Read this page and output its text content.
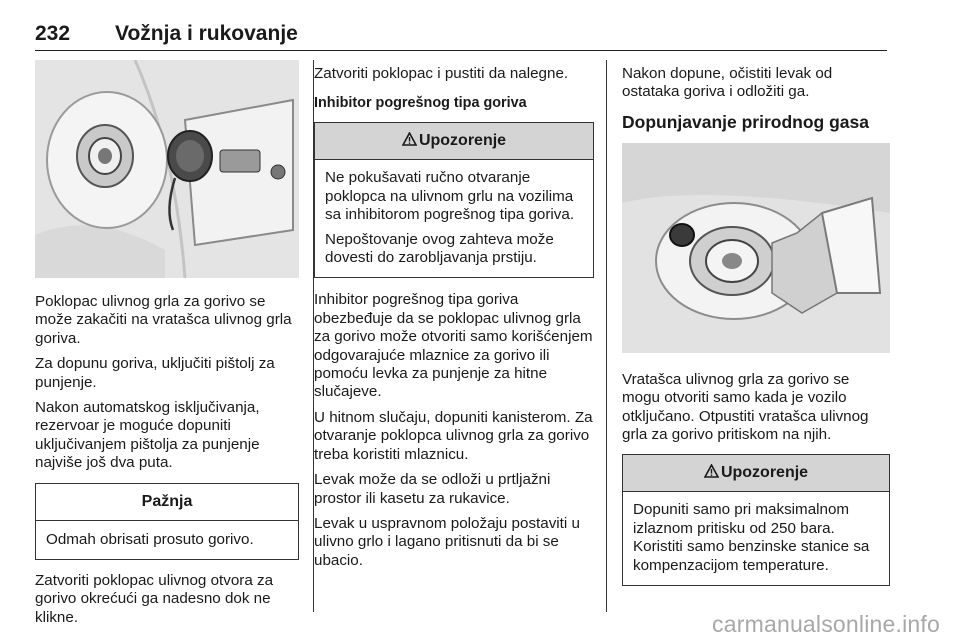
232 Vožnja i rukovanje

Poklopac ulivnog grla za gorivo se može zakačiti na vratašca ulivnog grla goriva.

Za dopunu goriva, uključiti pištolj za punjenje.

Nakon automatskog isključivanja, rezervoar je moguće dopuniti uključivanjem pištolja za punjenje najviše još dva puta.

Pažnja

Odmah obrisati prosuto gorivo.

Zatvoriti poklopac ulivnog otvora za gorivo okrećući ga nadesno dok ne klikne.

Zatvoriti poklopac i pustiti da nalegne.

Inhibitor pogrešnog tipa goriva
Upozorenje

Ne pokušavati ručno otvaranje poklopca na ulivnom grlu na vozilima sa inhibitorom pogrešnog tipa goriva.

Nepoštovanje ovog zahteva može dovesti do zarobljavanja prstiju.

Inhibitor pogrešnog tipa goriva obezbeđuje da se poklopac ulivnog grla za gorivo može otvoriti samo korišćenjem odgovarajuće mlaznice za gorivo ili pomoću levka za punjenje za hitne slučajeve.

U hitnom slučaju, dopuniti kanisterom. Za otvaranje poklopca ulivnog grla za gorivo treba koristiti mlaznicu.

Levak može da se odloži u prtljažni prostor ili kasetu za rukavice.

Levak u uspravnom položaju postaviti u ulivno grlo i lagano pritisnuti da bi se ubacio.

Nakon dopune, očistiti levak od ostataka goriva i odložiti ga.

Dopunjavanje prirodnog gasa

Vratašca ulivnog grla za gorivo se mogu otvoriti samo kada je vozilo otključano. Otpustiti vratašca ulivnog grla za gorivo pritiskom na njih.

Upozorenje

Dopuniti samo pri maksimalnom izlaznom pritisku od 250 bara. Koristiti samo benzinske stanice sa kompenzacijom temperature.

carmanualsonline.info
